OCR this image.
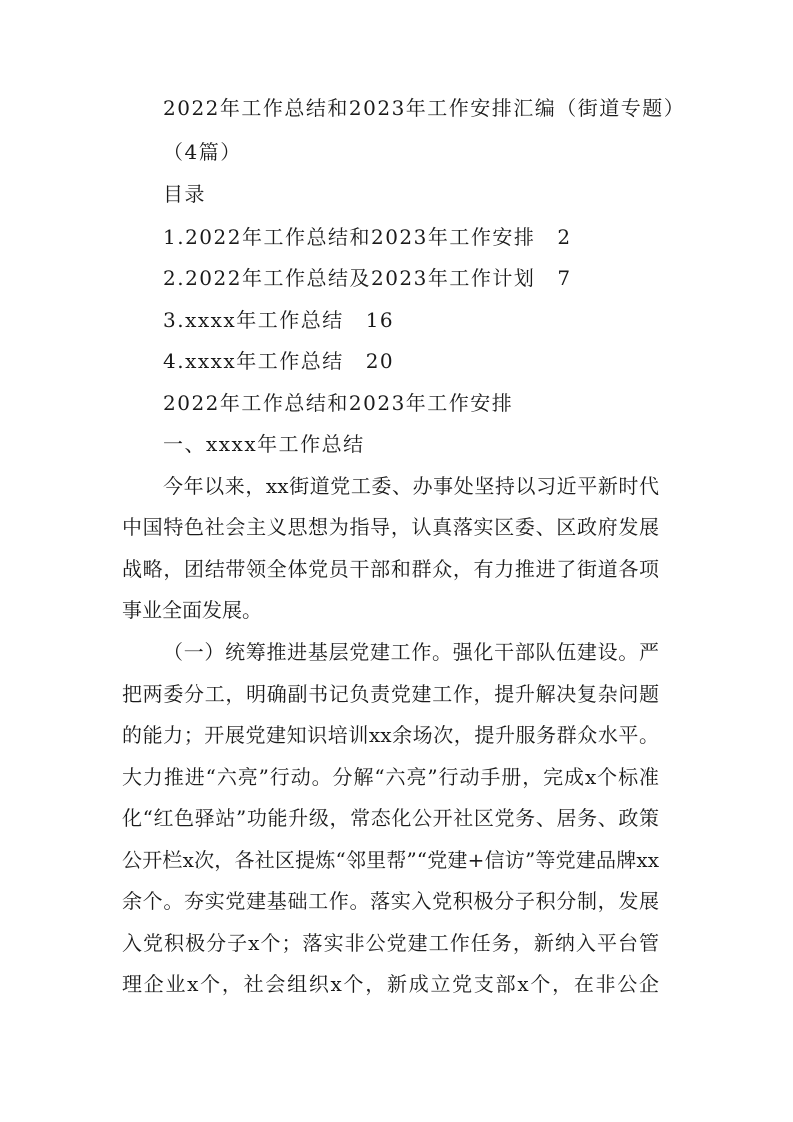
2022年工作总结和2023年工作安排汇编（街道专题）
（4篇）
目录
1.2022年工作总结和2023年工作安排 2
2.2022年工作总结及2023年工作计划 7
3.xxxx年工作总结 16
4.xxxx年工作总结 20
2022年工作总结和2023年工作安排
一、xxxx年工作总结
今年以来，xx街道党工委、办事处坚持以习近平新时代
中国特色社会主义思想为指导，认真落实区委、区政府发展
战略，团结带领全体党员干部和群众，有力推进了街道各项
事业全面发展。
（一）统筹推进基层党建工作。强化干部队伍建设。严
把两委分工，明确副书记负责党建工作，提升解决复杂问题
的能力；开展党建知识培训xx余场次，提升服务群众水平。
大力推进“六亮”行动。分解“六亮”行动手册，完成x个标准
化“红色驿站”功能升级，常态化公开社区党务、居务、政策
公开栏x次，各社区提炼“邻里帮”“党建+信访”等党建品牌xx
余个。夯实党建基础工作。落实入党积极分子积分制，发展
入党积极分子x个；落实非公党建工作任务，新纳入平台管
理企业x个，社会组织x个，新成立党支部x个，在非公企
